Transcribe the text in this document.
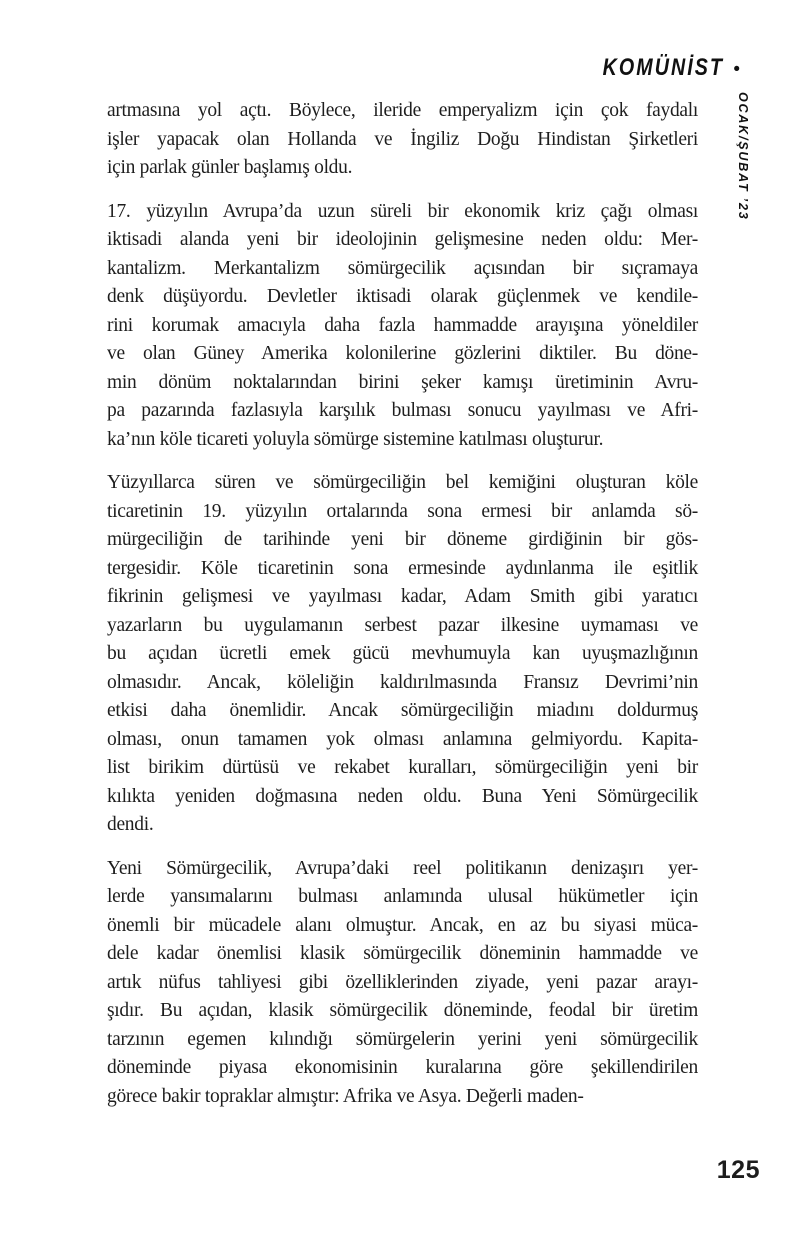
KOMÜNİST •
OCAK/ŞUBAT ’23
artmasına yol açtı. Böylece, ileride emperyalizm için çok faydalı
işler yapacak olan Hollanda ve İngiliz Doğu Hindistan Şirketleri
için parlak günler başlamış oldu.
17. yüzyılın Avrupa’da uzun süreli bir ekonomik kriz çağı olması
iktisadi alanda yeni bir ideolojinin gelişmesine neden oldu: Mer-
kantalizm. Merkantalizm sömürgecilik açısından bir sıçramaya
denk düşüyordu. Devletler iktisadi olarak güçlenmek ve kendile-
rini korumak amacıyla daha fazla hammadde arayışına yöneldiler
ve olan Güney Amerika kolonilerine gözlerini diktiler. Bu döne-
min dönüm noktalarından birini şeker kamışı üretiminin Avru-
pa pazarında fazlasıyla karşılık bulması sonucu yayılması ve Afri-
ka’nın köle ticareti yoluyla sömürge sistemine katılması oluşturur.
Yüzyıllarca süren ve sömürgeciliğin bel kemiğini oluşturan köle
ticaretinin 19. yüzyılın ortalarında sona ermesi bir anlamda sö-
mürgeciliğin de tarihinde yeni bir döneme girdiğinin bir gös-
tergesidir. Köle ticaretinin sona ermesinde aydınlanma ile eşitlik
fikrinin gelişmesi ve yayılması kadar, Adam Smith gibi yaratıcı
yazarların bu uygulamanın serbest pazar ilkesine uymaması ve
bu açıdan ücretli emek gücü mevhumuyla kan uyuşmazlığının
olmasıdır. Ancak, köleliğin kaldırılmasında Fransız Devrimi’nin
etkisi daha önemlidir. Ancak sömürgeciliğin miadını doldurmuş
olması, onun tamamen yok olması anlamına gelmiyordu. Kapita-
list birikim dürtüsü ve rekabet kuralları, sömürgeciliğin yeni bir
kılıkta yeniden doğmasına neden oldu. Buna Yeni Sömürgecilik
dendi.
Yeni Sömürgecilik, Avrupa’daki reel politikanın denizaşırı yer-
lerde yansımalarını bulması anlamında ulusal hükümetler için
önemli bir mücadele alanı olmuştur. Ancak, en az bu siyasi müca-
dele kadar önemlisi klasik sömürgecilik döneminin hammadde ve
artık nüfus tahliyesi gibi özelliklerinden ziyade, yeni pazar arayı-
şıdır. Bu açıdan, klasik sömürgecilik döneminde, feodal bir üretim
tarzının egemen kılındığı sömürgelerin yerini yeni sömürgecilik
döneminde piyasa ekonomisinin kuralarına göre şekillendirilen
görece bakir topraklar almıştır: Afrika ve Asya. Değerli maden-
125
